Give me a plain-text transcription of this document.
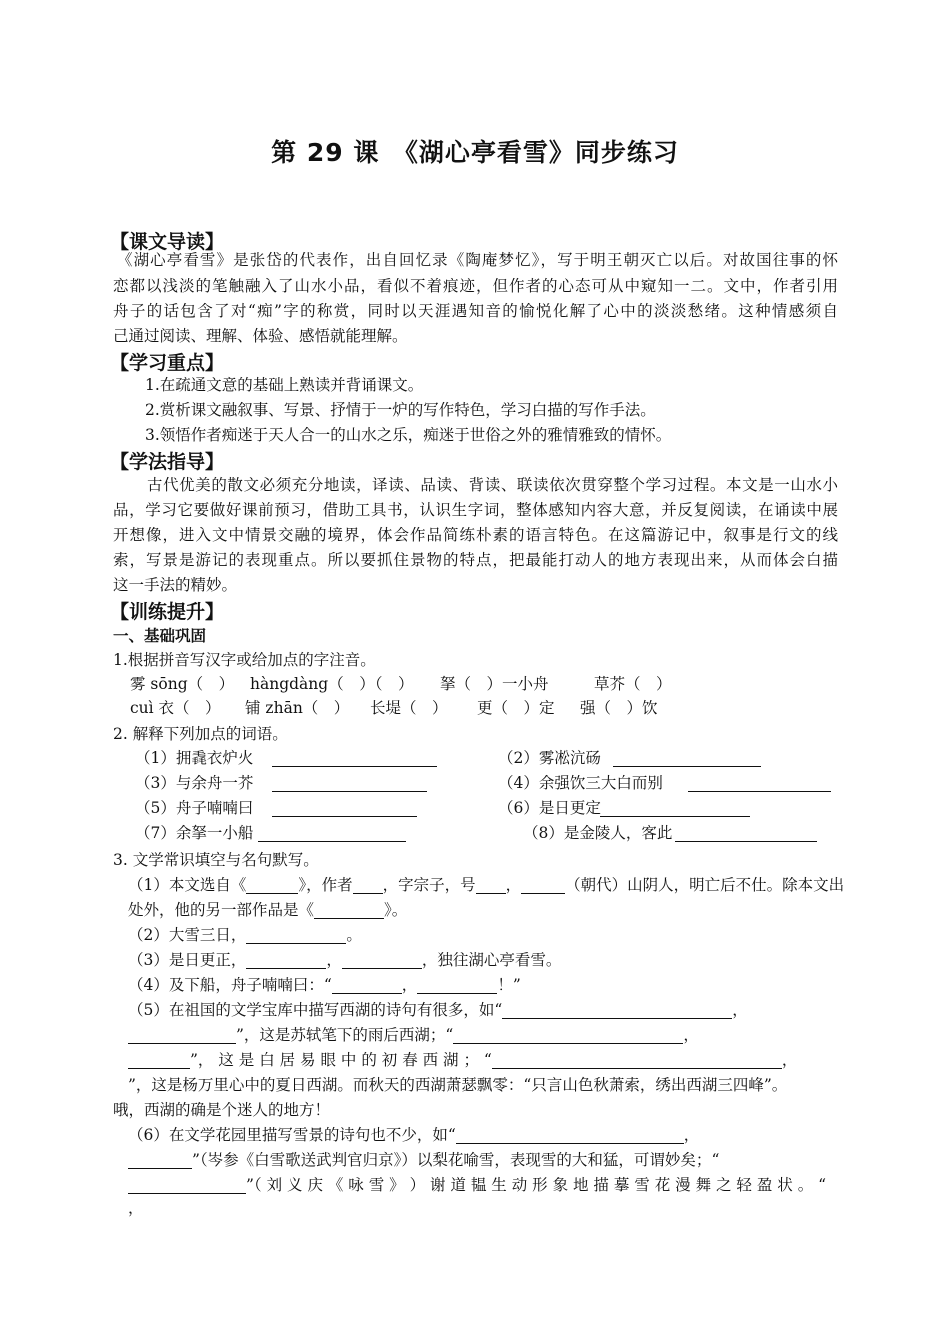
第 29 课　《湖心亭看雪》同步练习
【课文导读】
《湖心亭看雪》是张岱的代表作，出自回忆录《陶庵梦忆》，写于明王朝灭亡以后。对故国往事的怀
恋都以浅淡的笔触融入了山水小品，看似不着痕迹，但作者的心态可从中窥知一二。文中，作者引用
舟子的话包含了对“痴”字的称赏，同时以天涯遇知音的愉悦化解了心中的淡淡愁绪。这种情感须自
己通过阅读、理解、体验、感悟就能理解。
【学习重点】
1.在疏通文意的基础上熟读并背诵课文。
2.赏析课文融叙事、写景、抒情于一炉的写作特色，学习白描的写作手法。
3.领悟作者痴迷于天人合一的山水之乐，痴迷于世俗之外的雅情雅致的情怀。
【学法指导】
古代优美的散文必须充分地读，译读、品读、背读、联读依次贯穿整个学习过程。本文是一山水小
品，学习它要做好课前预习，借助工具书，认识生字词，整体感知内容大意，并反复阅读，在诵读中展
开想像，进入文中情景交融的境界，体会作品简练朴素的语言特色。在这篇游记中，叙事是行文的线
索，写景是游记的表现重点。所以要抓住景物的特点，把最能打动人的地方表现出来，从而体会白描
这一手法的精妙。
【训练提升】
一、基础巩固
1.根据拼音写汉字或给加点的字注音。
雾 sōng（　） hàngdàng（　）（　） 拏（　）一小舟	草芥（　）
cuì 衣（　） 铺 zhān（　） 长堤（　） 更（　）定 强（　）饮
2. 解释下列加点的词语。
（1）拥毳衣炉火	（2）雾凇沆砀
（3）与余舟一芥	（4）余强饮三大白而别
（5）舟子喃喃曰	（6）是日更定
（7）余拏一小船	（8）是金陵人，客此
3. 文学常识填空与名句默写。
（1）本文选自《	》，作者 ，字宗子，号 ，	（朝代）山阴人，明亡后不仕。除本文出
处外，他的另一部作品是《	》。
（2）大雪三日，	。
（3）是日更正，	，	，独往湖心亭看雪。
（4）及下船，舟子喃喃曰：“	，	！”
（5）在祖国的文学宝库中描写西湖的诗句有很多，如“	，
”，这是苏轼笔下的雨后西湖；“	，
”， 这 是 白 居 易 眼 中 的 初 春 西 湖 ； “	，
”，这是杨万里心中的夏日西湖。而秋天的西湖萧瑟飘零：“只言山色秋萧索，绣出西湖三四峰”。
哦，西湖的确是个迷人的地方！
（6）在文学花园里描写雪景的诗句也不少，如“	，
”（岑参《白雪歌送武判官归京》）以梨花喻雪，表现雪的大和猛，可谓妙矣；“
”（ 刘 义 庆 《 咏 雪 》 ） 谢 道 韫 生 动 形 象 地 描 摹 雪 花 漫 舞 之 轻 盈 状 。 “
，
